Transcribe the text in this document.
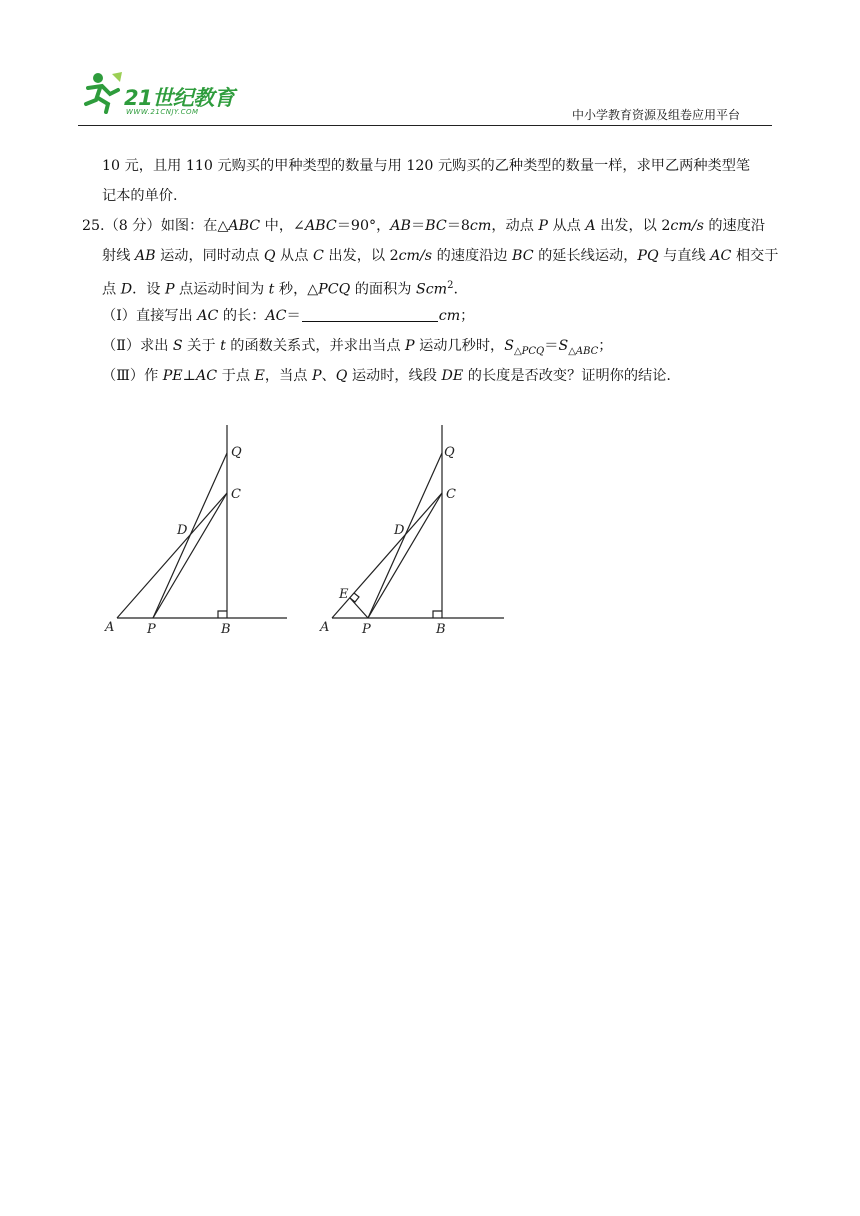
21世纪教育
WWW.21CNJY.COM	中小学教育资源及组卷应用平台
10 元，且用 110 元购买的甲种类型的数量与用 120 元购买的乙种类型的数量一样，求甲乙两种类型笔
记本的单价.
25.（8 分）如图：在△ABC 中，∠ABC＝90°，AB＝BC＝8cm，动点 P 从点 A 出发，以 2cm/s 的速度沿
射线 AB 运动，同时动点 Q 从点 C 出发，以 2cm/s 的速度沿边 BC 的延长线运动，PQ 与直线 AC 相交于
点 D．设 P 点运动时间为 t 秒，△PCQ 的面积为 Scm$^2$.
（Ⅰ）直接写出 AC 的长：AC＝	cm；
（Ⅱ）求出 S 关于 t 的函数关系式，并求出当点 P 运动几秒时，$S_{\triangle PCQ}=S_{\triangle ABC}$；
（Ⅲ）作 PE⊥AC 于点 E，当点 P、Q 运动时，线段 DE 的长度是否改变？证明你的结论.
Q
C
D
A	P	B
Q
C
D
E
A	P	B
